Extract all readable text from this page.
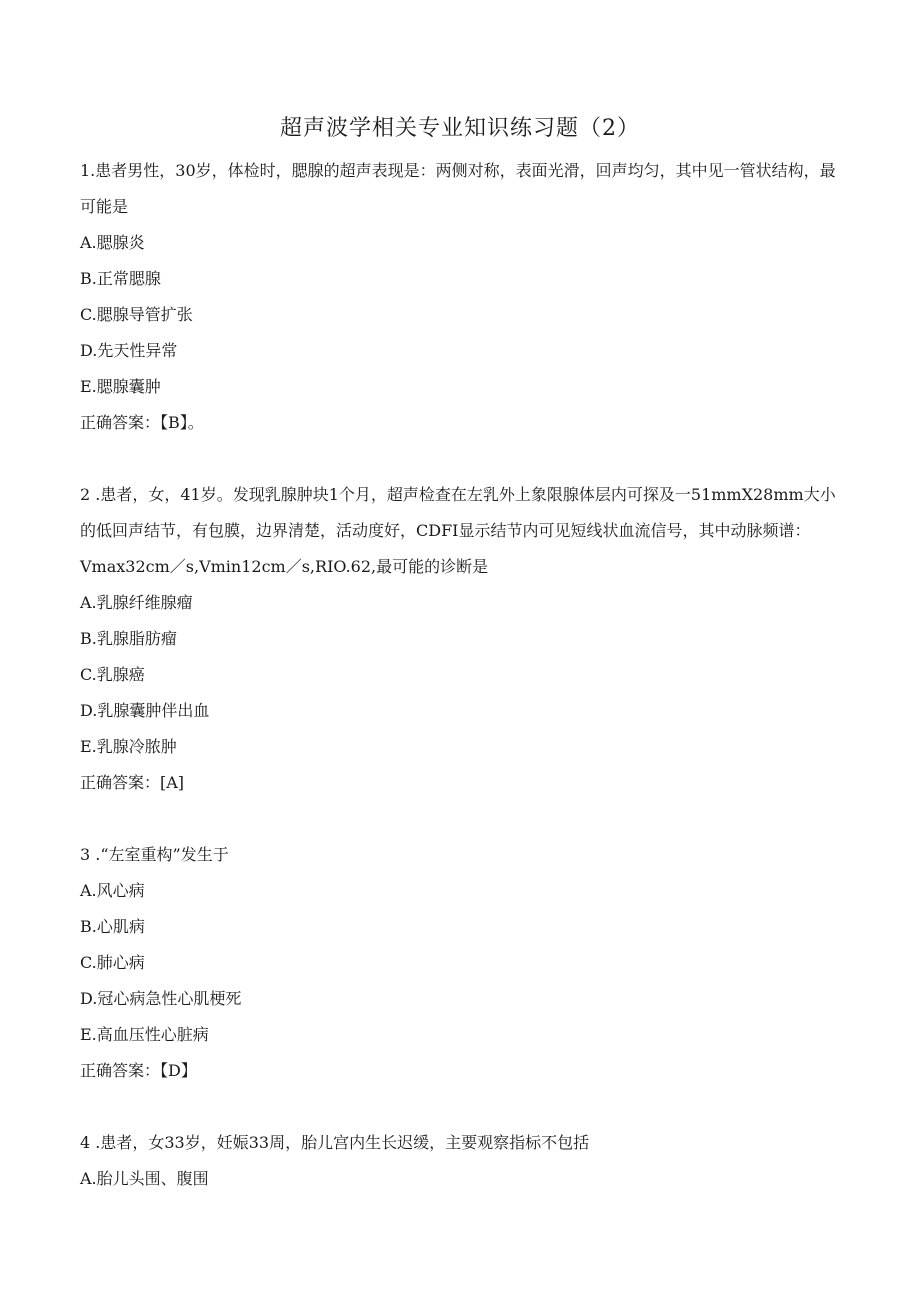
超声波学相关专业知识练习题（2）

1.患者男性，30岁，体检时，腮腺的超声表现是：两侧对称，表面光滑，回声均匀，其中见一管状结构，最可能是

A.腮腺炎
B.正常腮腺
C.腮腺导管扩张
D.先天性异常
E.腮腺囊肿

正确答案：【B】。

2 .患者，女，41岁。发现乳腺肿块1个月，超声检查在左乳外上象限腺体层内可探及一51mmX28mm大小的低回声结节，有包膜，边界清楚，活动度好，CDFI显示结节内可见短线状血流信号，其中动脉频谱：Vmax32cm／s,Vmin12cm／s,RIO.62,最可能的诊断是

A.乳腺纤维腺瘤
B.乳腺脂肪瘤
C.乳腺癌
D.乳腺囊肿伴出血
E.乳腺冷脓肿

正确答案：[A]

3 .“左室重构”发生于

A.风心病
B.心肌病
C.肺心病
D.冠心病急性心肌梗死
E.高血压性心脏病

正确答案：【D】

4 .患者，女33岁，妊娠33周，胎儿宫内生长迟缓，主要观察指标不包括

A.胎儿头围、腹围
